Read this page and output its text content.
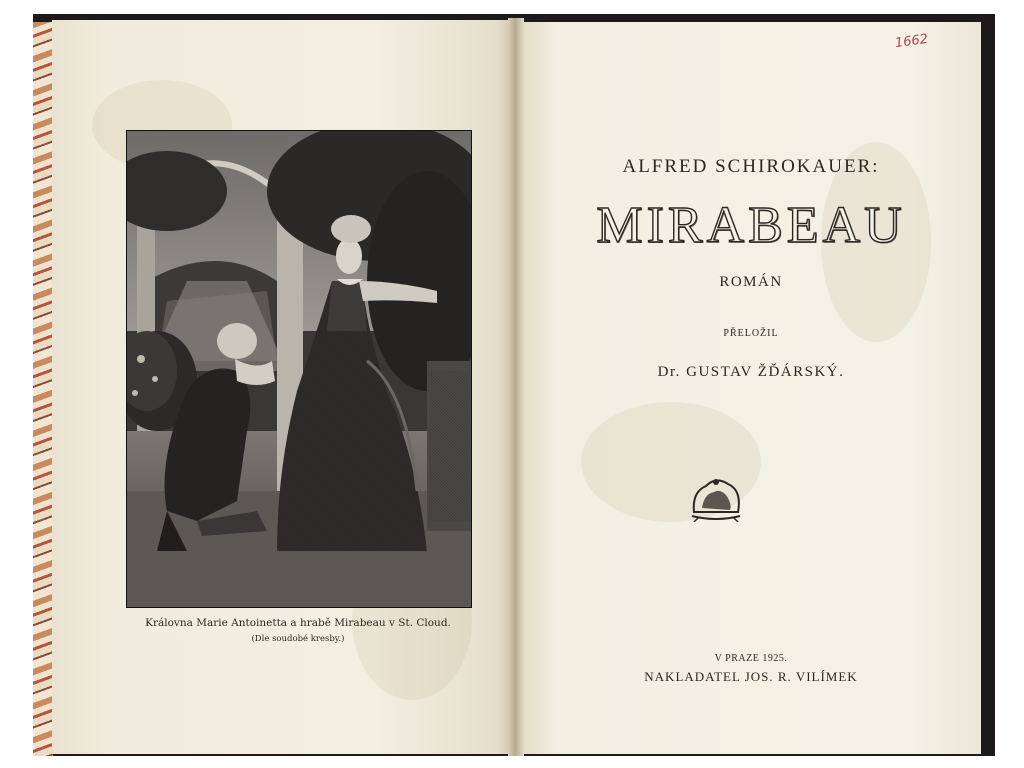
Královna Marie Antoinetta a hrabě Mirabeau v St. Cloud.
(Dle soudobé kresby.)
1662
ALFRED SCHIROKAUER:
MIRABEAU
ROMÁN
PŘELOŽIL
Dr. GUSTAV ŽĎÁRSKÝ.
V PRAZE 1925.
NAKLADATEL JOS. R. VILÍMEK
